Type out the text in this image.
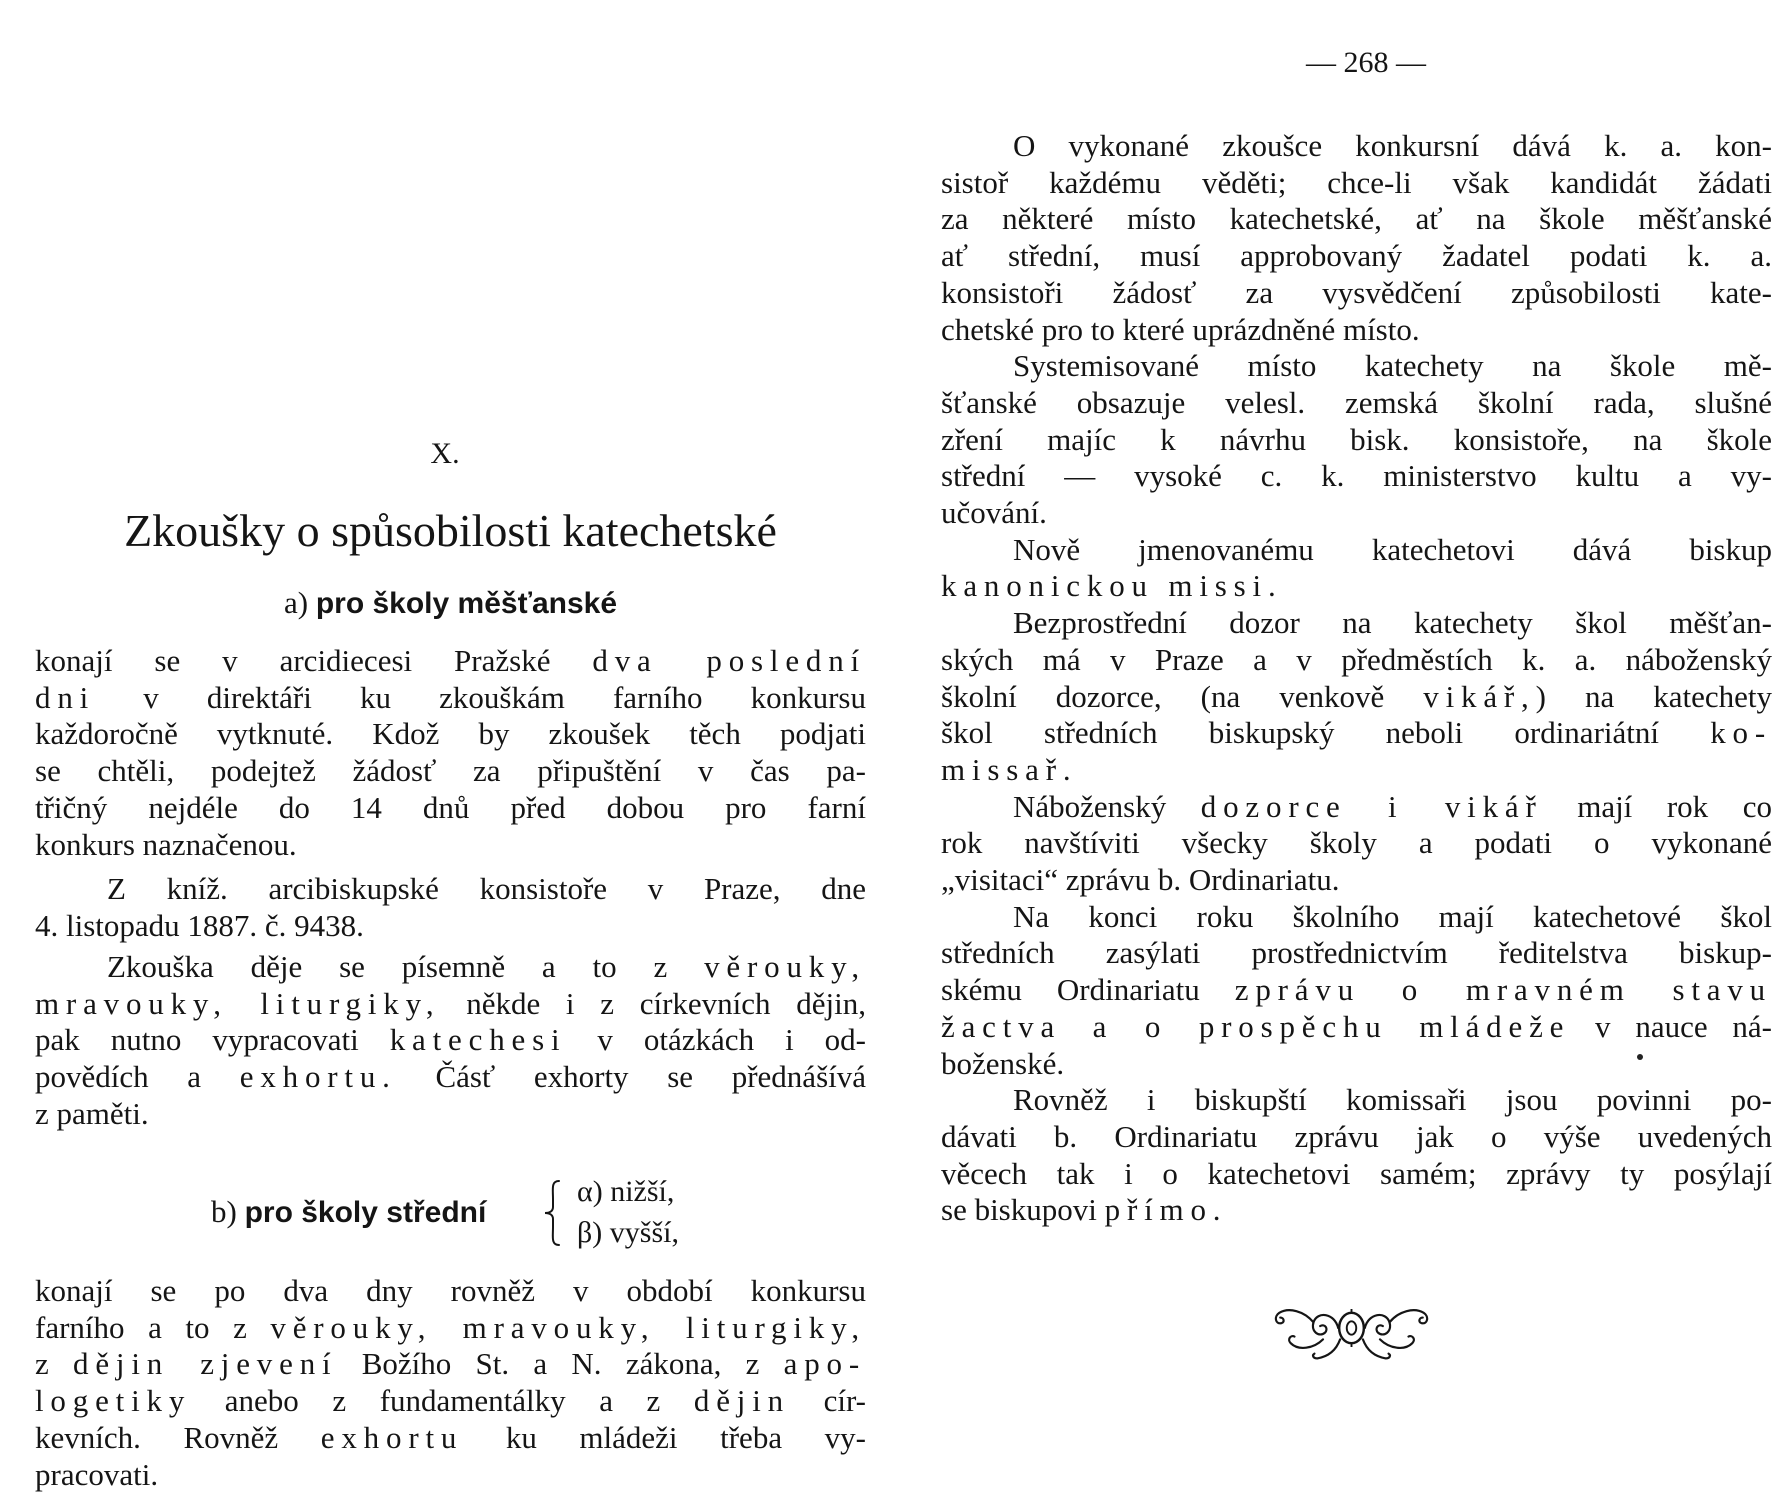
— 268 —
X.
Zkoušky o spůsobilosti katechetské
a) pro školy měšťanské
konají se v arcidiecesi Pražské dva poslední
dni v direktáři ku zkouškám farního konkursu
každoročně vytknuté. Kdož by zkoušek těch podjati
se chtěli, podejtež žádosť za připuštění v čas pa-
třičný nejdéle do 14 dnů před dobou pro farní
konkurs naznačenou.
Z kníž. arcibiskupské konsistoře v Praze, dne
4. listopadu 1887. č. 9438.
Zkouška děje se písemně a to z věrouky,
mravouky, liturgiky, někde i z církevních dějin,
pak nutno vypracovati katechesi v otázkách i od-
povědích a exhortu. Čásť exhorty se přednášívá
z paměti.
b) pro školy střední
α) nižší,
β) vyšší,
konají se po dva dny rovněž v období konkursu
farního a to z věrouky, mravouky, liturgiky,
z dějin zjevení Božího St. a N. zákona, z apo-
logetiky anebo z fundamentálky a z dějin cír-
kevních. Rovněž exhortu ku mládeži třeba vy-
pracovati.
O vykonané zkoušce konkursní dává k. a. kon-
sistoř každému věděti; chce-li však kandidát žádati
za některé místo katechetské, ať na škole měšťanské
ať střední, musí approbovaný žadatel podati k. a.
konsistoři žádosť za vysvědčení způsobilosti kate-
chetské pro to které uprázdněné místo.
Systemisované místo katechety na škole mě-
šťanské obsazuje velesl. zemská školní rada, slušné
zření majíc k návrhu bisk. konsistoře, na škole
střední — vysoké c. k. ministerstvo kultu a vy-
učování.
Nově jmenovanému katechetovi dává biskup
kanonickou missi.
Bezprostřední dozor na katechety škol měšťan-
ských má v Praze a v předměstích k. a. náboženský
školní dozorce, (na venkově vikář,) na katechety
škol středních biskupský neboli ordinariátní ko-
missař.
Náboženský dozorce i vikář mají rok co
rok navštíviti všecky školy a podati o vykonané
„visitaci“ zprávu b. Ordinariatu.
Na konci roku školního mají katechetové škol
středních zasýlati prostřednictvím ředitelstva biskup-
skému Ordinariatu zprávu o mravném stavu
žactva a o prospěchu mládeže v nauce ná-
boženské.
Rovněž i biskupští komissaři jsou povinni po-
dávati b. Ordinariatu zprávu jak o výše uvedených
věcech tak i o katechetovi samém; zprávy ty posýlají
se biskupovi přímo.
